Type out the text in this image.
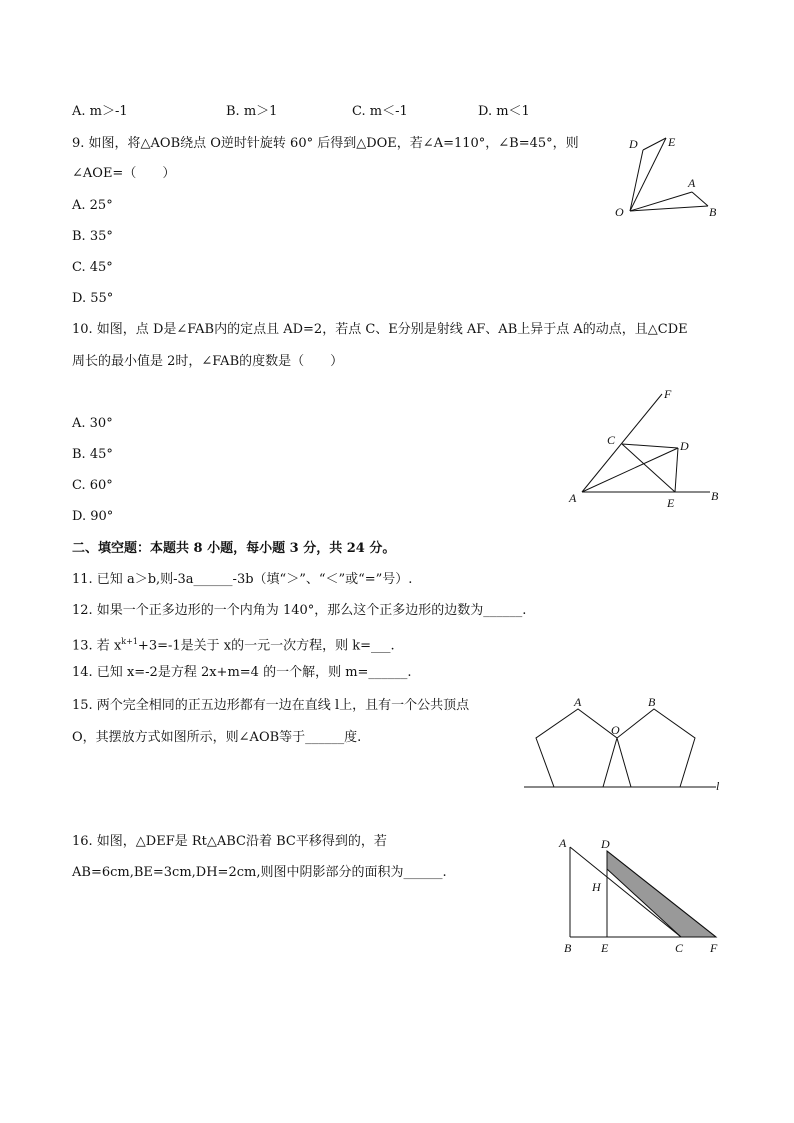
A. m＞-1	B. m＞1	C. m＜-1	D. m＜1
9. 如图，将△AOB绕点 O逆时针旋转 60° 后得到△DOE，若∠A=110°，∠B=45°，则
∠AOE=（　　）
A. 25°
B. 35°
C. 45°
D. 55°
D	E
A
O	B
10. 如图，点 D是∠FAB内的定点且 AD=2，若点 C、E分别是射线 AF、AB上异于点 A的动点，且△CDE
周长的最小值是 2时，∠FAB的度数是（　　）
A. 30°
B. 45°
C. 60°
D. 90°
F
C	D
A	E	B
二、填空题：本题共 8 小题，每小题 3 分，共 24 分。
11. 已知 a＞b,则-3a______-3b（填“＞”、“＜”或“=”号）.
12. 如果一个正多边形的一个内角为 140°，那么这个正多边形的边数为______.
13. 若 $x^{k+1}+3=-1$是关于 x的一元一次方程，则 k=___.
14. 已知 x=-2是方程 2x+m=4 的一个解，则 m=______.
15. 两个完全相同的正五边形都有一边在直线 l上，且有一个公共顶点
O，其摆放方式如图所示，则∠AOB等于______度.
A
O
B
l
16. 如图，△DEF是 Rt△ABC沿着 BC平移得到的，若
AB=6cm,BE=3cm,DH=2cm,则图中阴影部分的面积为______.
A	D
H
B E	C F
